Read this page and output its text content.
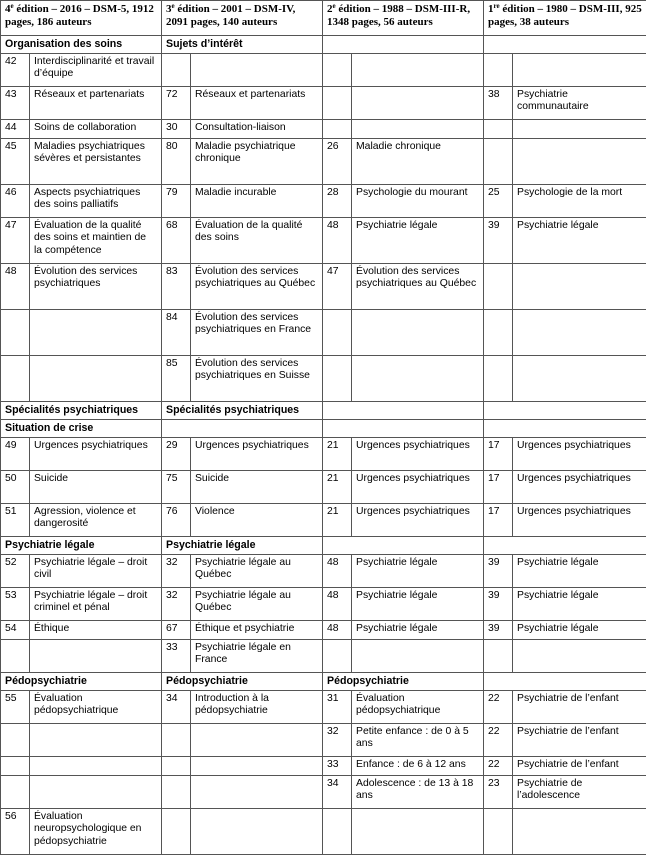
4e édition – 2016 – DSM-5, 1912 pages, 186 auteurs		3e édition – 2001 – DSM-IV, 2091 pages, 140 auteurs		2e édition – 1988 – DSM-III-R, 1348 pages, 56 auteurs		1re édition – 1980 – DSM-III, 925 pages, 38 auteurs	
Organisation des soins		Sujets d’intérêt					
42	Interdisciplinarité et travail d’équipe						
43	Réseaux et partenariats	72	Réseaux et partenariats			38	Psychiatrie communautaire
44	Soins de collaboration	30	Consultation-liaison				
45	Maladies psychiatriques sévères et persistantes	80	Maladie psychiatrique chronique	26	Maladie chronique		
46	Aspects psychiatriques des soins palliatifs	79	Maladie incurable	28	Psychologie du mourant	25	Psychologie de la mort
47	Évaluation de la qualité des soins et maintien de la compétence	68	Évaluation de la qualité des soins	48	Psychiatrie légale	39	Psychiatrie légale
48	Évolution des services psychiatriques	83	Évolution des services psychiatriques au Québec	47	Évolution des services psychiatriques au Québec		
		84	Évolution des services psychiatriques en France				
		85	Évolution des services psychiatriques en Suisse				
Spécialités psychiatriques		Spécialités psychiatriques					
Situation de crise							
49	Urgences psychiatriques	29	Urgences psychiatriques	21	Urgences psychiatriques	17	Urgences psychiatriques
50	Suicide	75	Suicide	21	Urgences psychiatriques	17	Urgences psychiatriques
51	Agression, violence et dangerosité	76	Violence	21	Urgences psychiatriques	17	Urgences psychiatriques
Psychiatrie légale		Psychiatrie légale					
52	Psychiatrie légale – droit civil	32	Psychiatrie légale au Québec	48	Psychiatrie légale	39	Psychiatrie légale
53	Psychiatrie légale – droit criminel et pénal	32	Psychiatrie légale au Québec	48	Psychiatrie légale	39	Psychiatrie légale
54	Éthique	67	Éthique et psychiatrie	48	Psychiatrie légale	39	Psychiatrie légale
		33	Psychiatrie légale en France				
Pédopsychiatrie		Pédopsychiatrie		Pédopsychiatrie			
55	Évaluation pédopsychiatrique	34	Introduction à la pédopsychiatrie	31	Évaluation pédopsychiatrique	22	Psychiatrie de l’enfant
				32	Petite enfance : de 0 à 5 ans	22	Psychiatrie de l’enfant
				33	Enfance : de 6 à 12 ans	22	Psychiatrie de l’enfant
				34	Adolescence : de 13 à 18 ans	23	Psychiatrie de l’adolescence
56	Évaluation neuropsychologique en pédopsychiatrie						
